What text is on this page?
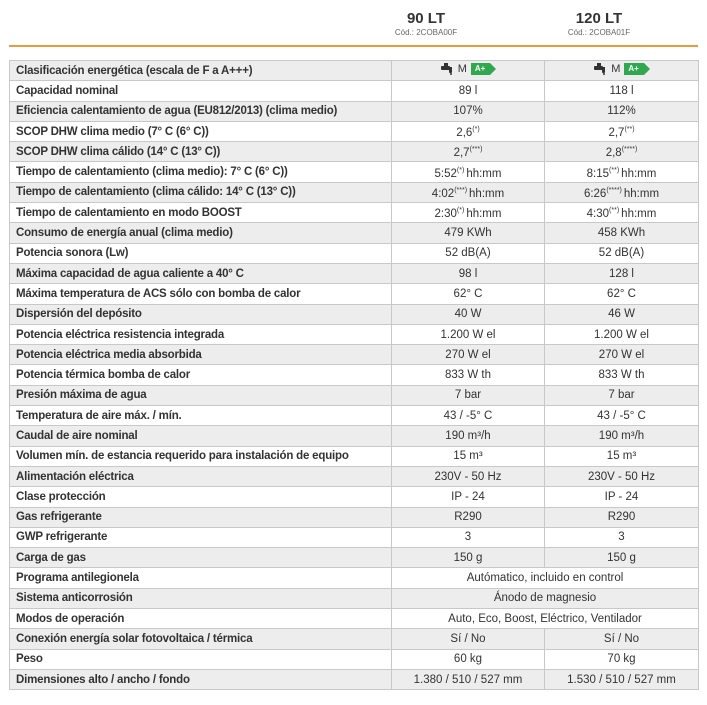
90 LT
Cód.: 2COBA00F
120 LT
Cód.: 2COBA01F
Clasificación energética (escala de F a A+++)	M A+	M A+

Capacidad nominal	89 l	118 l
Eficiencia calentamiento de agua (EU812/2013) (clima medio)	107%	112%
SCOP DHW clima medio (7° C (6° C))	2,6(*)	2,7(**)
SCOP DHW clima cálido (14° C (13° C))	2,7(***)	2,8(****)
Tiempo de calentamiento (clima medio): 7° C (6° C))	5:52(*) hh:mm	8:15(**) hh:mm
Tiempo de calentamiento (clima cálido: 14° C (13° C))	4:02(***) hh:mm	6:26(****) hh:mm
Tiempo de calentamiento en modo BOOST	2:30(*) hh:mm	4:30(**) hh:mm
Consumo de energía anual (clima medio)	479 KWh	458 KWh
Potencia sonora (Lw)	52 dB(A)	52 dB(A)
Máxima capacidad de agua caliente a 40° C	98 l	128 l
Máxima temperatura de ACS sólo con bomba de calor	62° C	62° C
Dispersión del depósito	40 W	46 W
Potencia eléctrica resistencia integrada	1.200 W el	1.200 W el
Potencia eléctrica media absorbida	270 W el	270 W el
Potencia térmica bomba de calor	833 W th	833 W th
Presión máxima de agua	7 bar	7 bar
Temperatura de aire máx. / mín.	43 / -5° C	43 / -5° C
Caudal de aire nominal	190 m³/h	190 m³/h
Volumen mín. de estancia requerido para instalación de equipo	15 m³	15 m³
Alimentación eléctrica	230V - 50 Hz	230V - 50 Hz
Clase protección	IP - 24	IP - 24
Gas refrigerante	R290	R290
GWP refrigerante	3	3
Carga de gas	150 g	150 g
Programa antilegionela	Autómatico, incluido en control	
Sistema anticorrosión	Ánodo de magnesio	
Modos de operación	Auto, Eco, Boost, Eléctrico, Ventilador	
Conexión energía solar fotovoltaica / térmica	Sí / No	Sí / No
Peso	60 kg	70 kg
Dimensiones alto / ancho / fondo	1.380 / 510 / 527 mm	1.530 / 510 / 527 mm
